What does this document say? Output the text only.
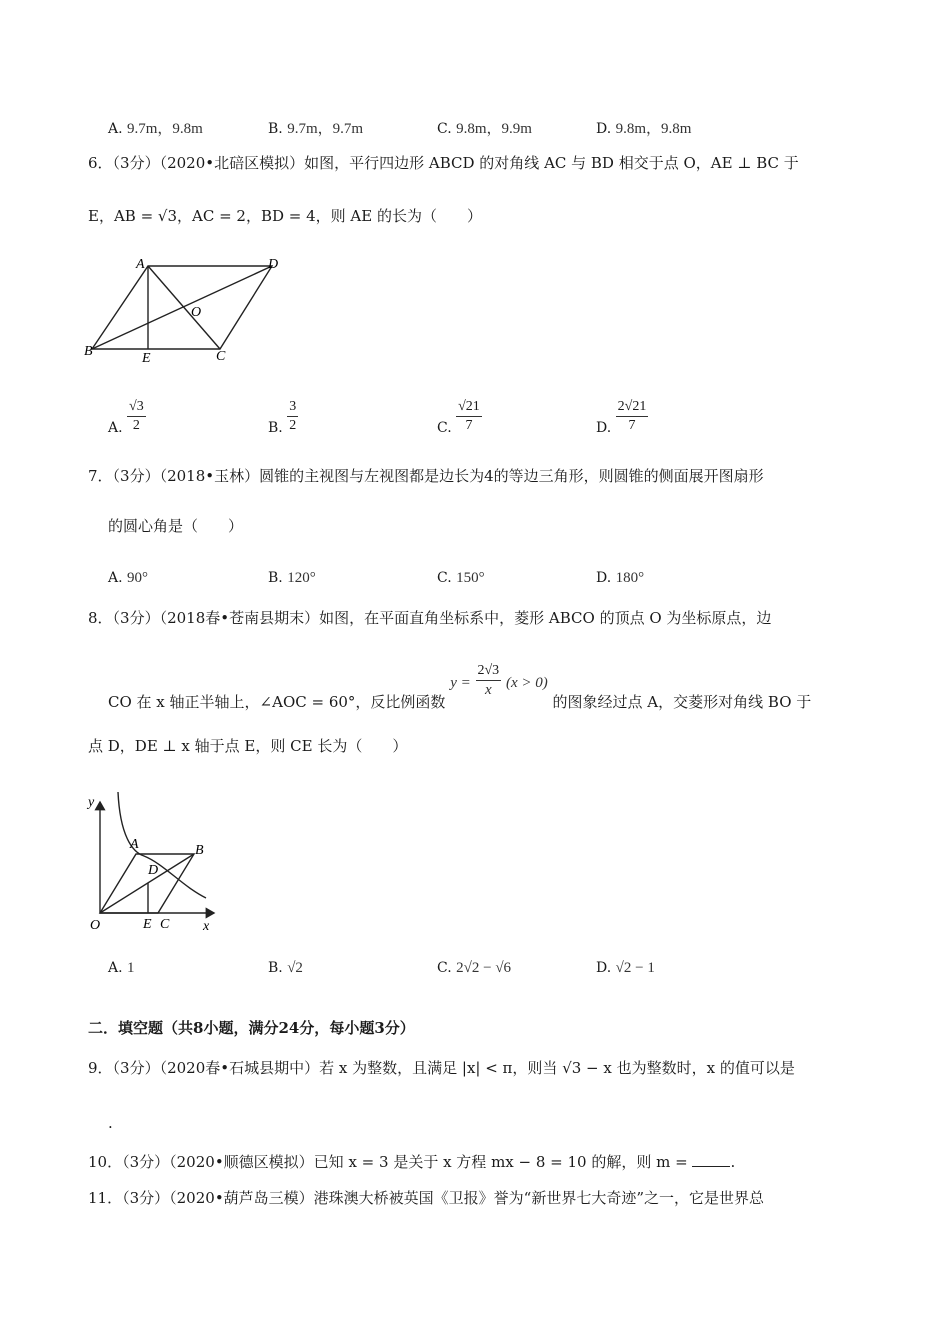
A. 9.7m，9.8m	B. 9.7m，9.7m	C. 9.8m，9.9m	D. 9.8m，9.8m
6．（3分）（2020•北碚区模拟）如图，平行四边形 ABCD 的对角线 AC 与 BD 相交于点 O，AE ⊥ BC 于
E，AB = √3，AC = 2，BD = 4，则 AE 的长为（　　）
A	D
O
B	E	C
A. $\frac{√3}{2}$	B. $\frac{3}{2}$	C. $\frac{√21}{7}$	D. $\frac{2√21}{7}$
7．（3分）（2018•玉林）圆锥的主视图与左视图都是边长为4的等边三角形，则圆锥的侧面展开图扇形
的圆心角是（　　）
A. 90°	B. 120°	C. 150°	D. 180°
8．（3分）（2018春•苍南县期末）如图，在平面直角坐标系中，菱形 ABCO 的顶点 O 为坐标原点，边
CO 在 x 轴正半轴上，∠AOC = 60°，反比例函数 $y = \frac{2√3}{x} (x > 0)$ 的图象经过点 A，交菱形对角线 BO 于
点 D，DE ⊥ x 轴于点 E，则 CE 长为（　　）
y
x
A	B
D
O	E C
A. 1	B. √2	C. 2√2 − √6	D. √2 − 1
二．填空题（共8小题，满分24分，每小题3分）
9．（3分）（2020春•石城县期中）若 x 为整数，且满足 |x| < π，则当 √3 − x 也为整数时，x 的值可以是
.
10．（3分）（2020•顺德区模拟）已知 x = 3 是关于 x 方程 mx − 8 = 10 的解，则 m =	.
11．（3分）（2020•葫芦岛三模）港珠澳大桥被英国《卫报》誉为“新世界七大奇迹”之一，它是世界总
